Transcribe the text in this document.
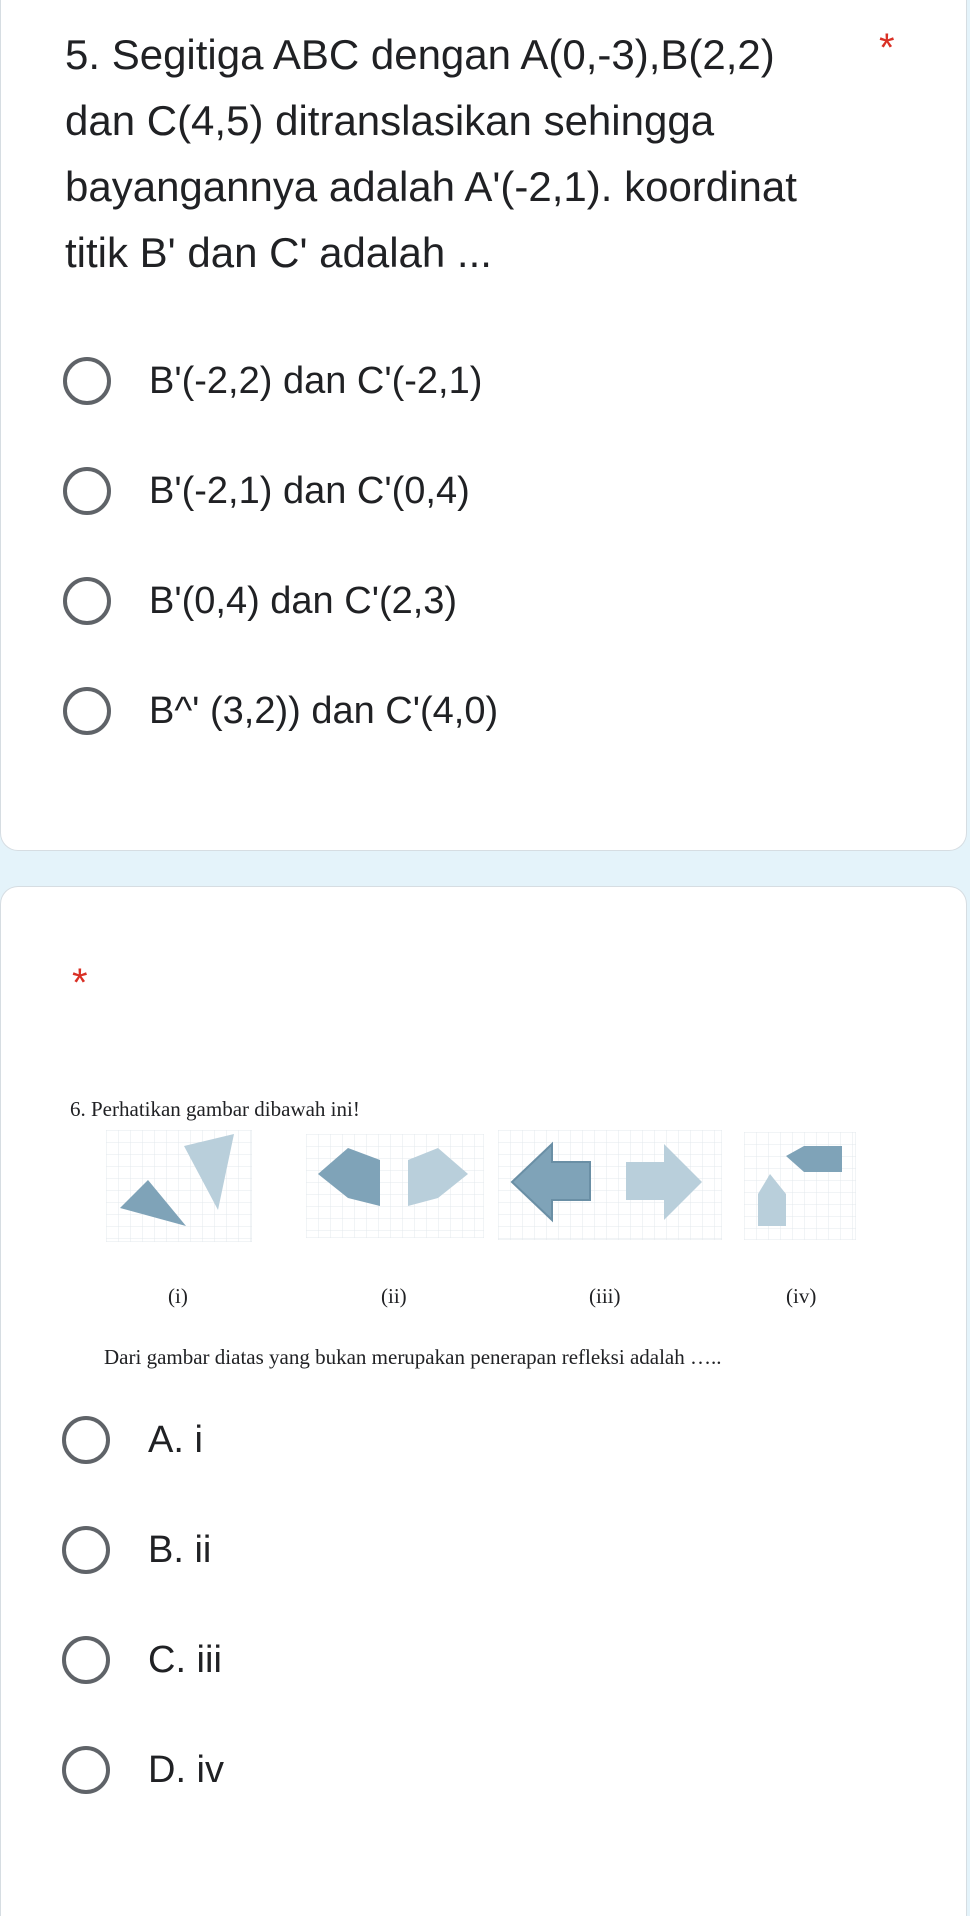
5. Segitiga ABC dengan A(0,-3),B(2,2) dan C(4,5) ditranslasikan sehingga bayangannya adalah A'(-2,1). koordinat titik B' dan C' adalah ...

*
B'(-2,2) dan C'(-2,1)
B'(-2,1) dan C'(0,4)
B'(0,4) dan C'(2,3)
B^' (3,2)) dan C'(4,0)
*
6. Perhatikan gambar dibawah ini!
(i)	(ii)	(iii)	(iv)
Dari gambar diatas yang bukan merupakan penerapan refleksi adalah …..
A. i
B. ii
C. iii
D. iv
